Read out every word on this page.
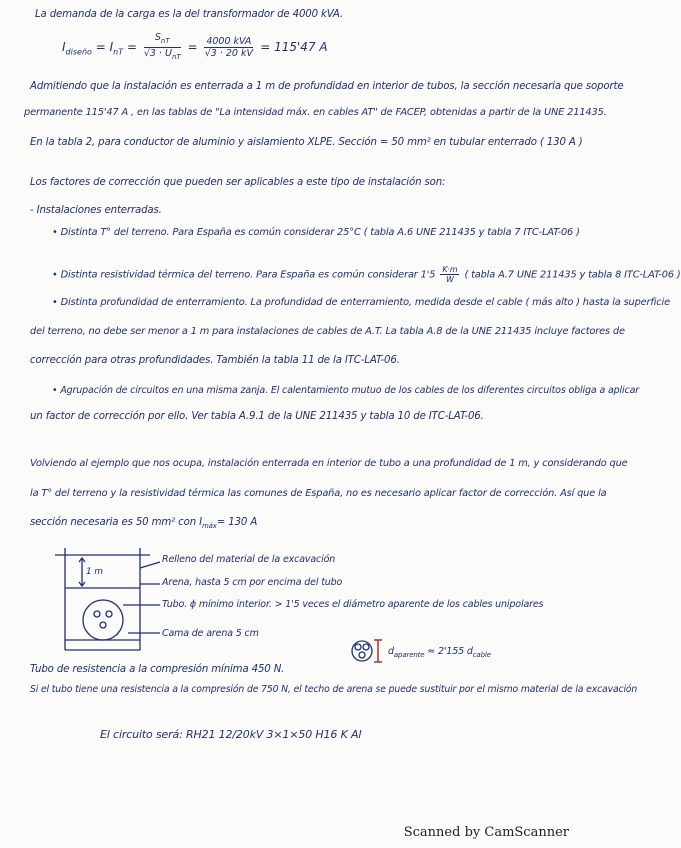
La demanda de la carga es la del transformador de 4000 kVA.
$I_{diseño} = I_{nT} = \frac{S_{nT}}{√3 \cdot U_{nT}} = \frac{\text{4000 kVA}}{√3 \cdot 20 kV} = 115'47$ A
Admitiendo que la instalación es enterrada a 1 m de profundidad en interior de tubos, la sección necesaria que soporte
permanente 115'47 A , en las tablas de "La intensidad máx. en cables AT" de FACEP, obtenidas a partir de la UNE 211435.
En la tabla 2, para conductor de aluminio y aislamiento XLPE. Sección = 50 mm² en tubular enterrado ( 130 A )
Los factores de corrección que pueden ser aplicables a este tipo de instalación son:
- Instalaciones enterradas.
• Distinta T° del terreno. Para España es común considerar 25°C ( tabla A.6 UNE 211435 y tabla 7 ITC-LAT-06 )
• Distinta resistividad térmica del terreno. Para España es común considerar $1'5 \frac{K\cdot m}{W}$ ( tabla A.7 UNE 211435 y tabla 8 ITC-LAT-06 )
• Distinta profundidad de enterramiento. La profundidad de enterramiento, medida desde el cable ( más alto ) hasta la superficie
del terreno, no debe ser menor a 1 m para instalaciones de cables de A.T. La tabla A.8 de la UNE 211435 incluye factores de
corrección para otras profundidades. También la tabla 11 de la ITC-LAT-06.
• Agrupación de circuitos en una misma zanja. El calentamiento mutuo de los cables de los diferentes circuitos obliga a aplicar
un factor de corrección por ello. Ver tabla A.9.1 de la UNE 211435 y tabla 10 de ITC-LAT-06.
Volviendo al ejemplo que nos ocupa, instalación enterrada en interior de tubo a una profundidad de 1 m, y considerando que
la T° del terreno y la resistividad térmica las comunes de España, no es necesario aplicar factor de corrección. Así que la
sección necesaria es 50 mm² con $I_{máx}= 130$ A
1 m
Relleno del material de la excavación
Arena, hasta 5 cm por encima del tubo
Tubo. ϕ mínimo interior. > 1'5 veces el diámetro aparente de los cables unipolares
Cama de arena 5 cm
$d_{aparente} \approx 2'155$ $d_{cable}$
Tubo de resistencia a la compresión mínima 450 N.
Si el tubo tiene una resistencia a la compresión de 750 N, el techo de arena se puede sustituir por el mismo material de la excavación
El circuito será: RH21 12/20kV 3×1×50 H16 K Al
Scanned by CamScanner
